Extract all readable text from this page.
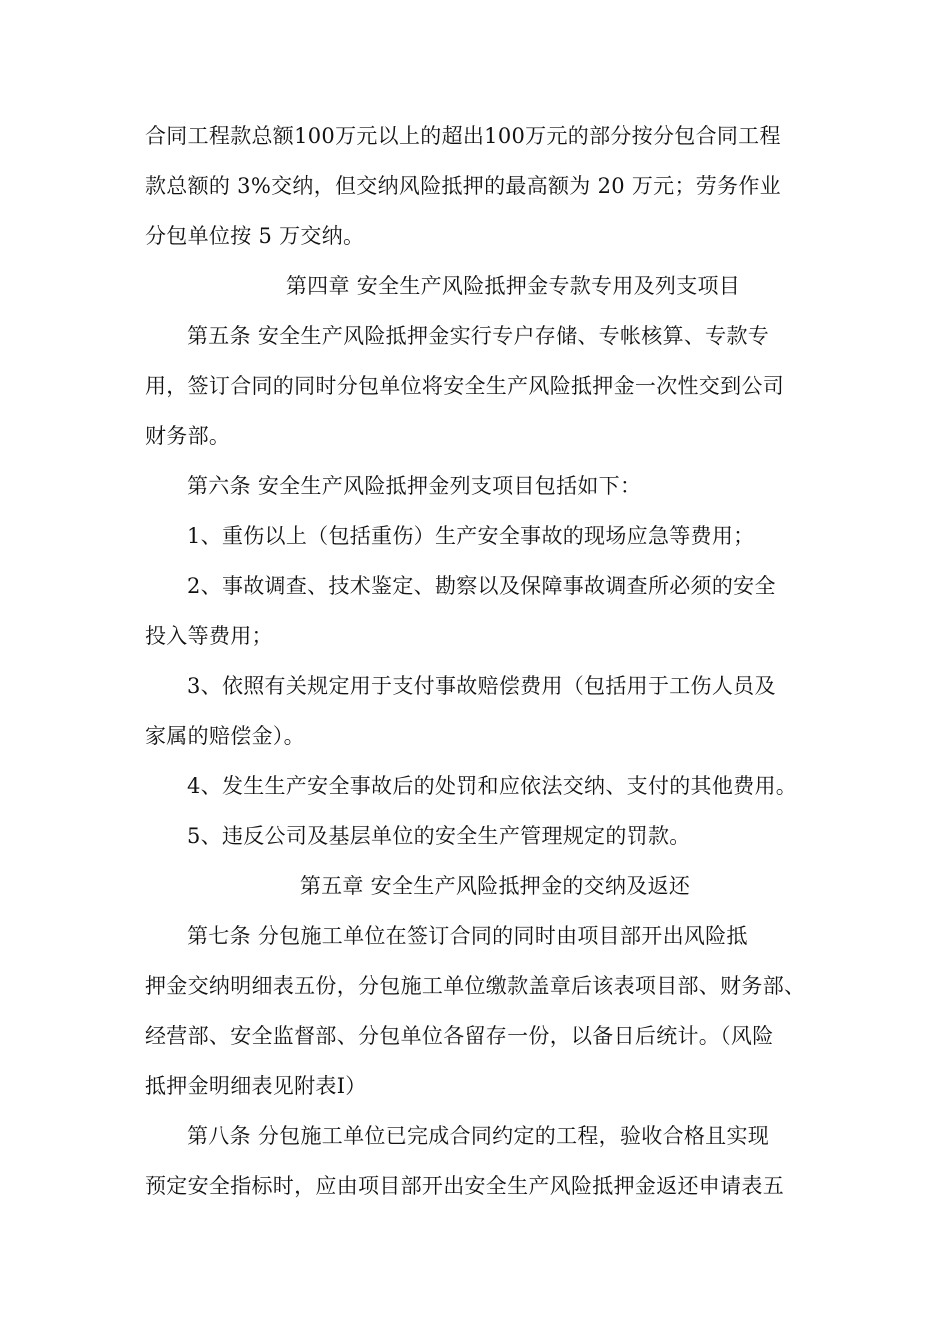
合同工程款总额100万元以上的超出100万元的部分按分包合同工程
款总额的 3%交纳，但交纳风险抵押的最高额为 20 万元；劳务作业
分包单位按 5 万交纳。
第四章 安全生产风险抵押金专款专用及列支项目
第五条 安全生产风险抵押金实行专户存储、专帐核算、专款专
用，签订合同的同时分包单位将安全生产风险抵押金一次性交到公司
财务部。
第六条 安全生产风险抵押金列支项目包括如下：
1、重伤以上（包括重伤）生产安全事故的现场应急等费用；
2、事故调查、技术鉴定、勘察以及保障事故调查所必须的安全
投入等费用；
3、依照有关规定用于支付事故赔偿费用（包括用于工伤人员及
家属的赔偿金）。
4、发生生产安全事故后的处罚和应依法交纳、支付的其他费用。
5、违反公司及基层单位的安全生产管理规定的罚款。
第五章 安全生产风险抵押金的交纳及返还
第七条 分包施工单位在签订合同的同时由项目部开出风险抵
押金交纳明细表五份，分包施工单位缴款盖章后该表项目部、财务部、
经营部、安全监督部、分包单位各留存一份，以备日后统计。（风险
抵押金明细表见附表Ⅰ）
第八条 分包施工单位已完成合同约定的工程，验收合格且实现
预定安全指标时，应由项目部开出安全生产风险抵押金返还申请表五
